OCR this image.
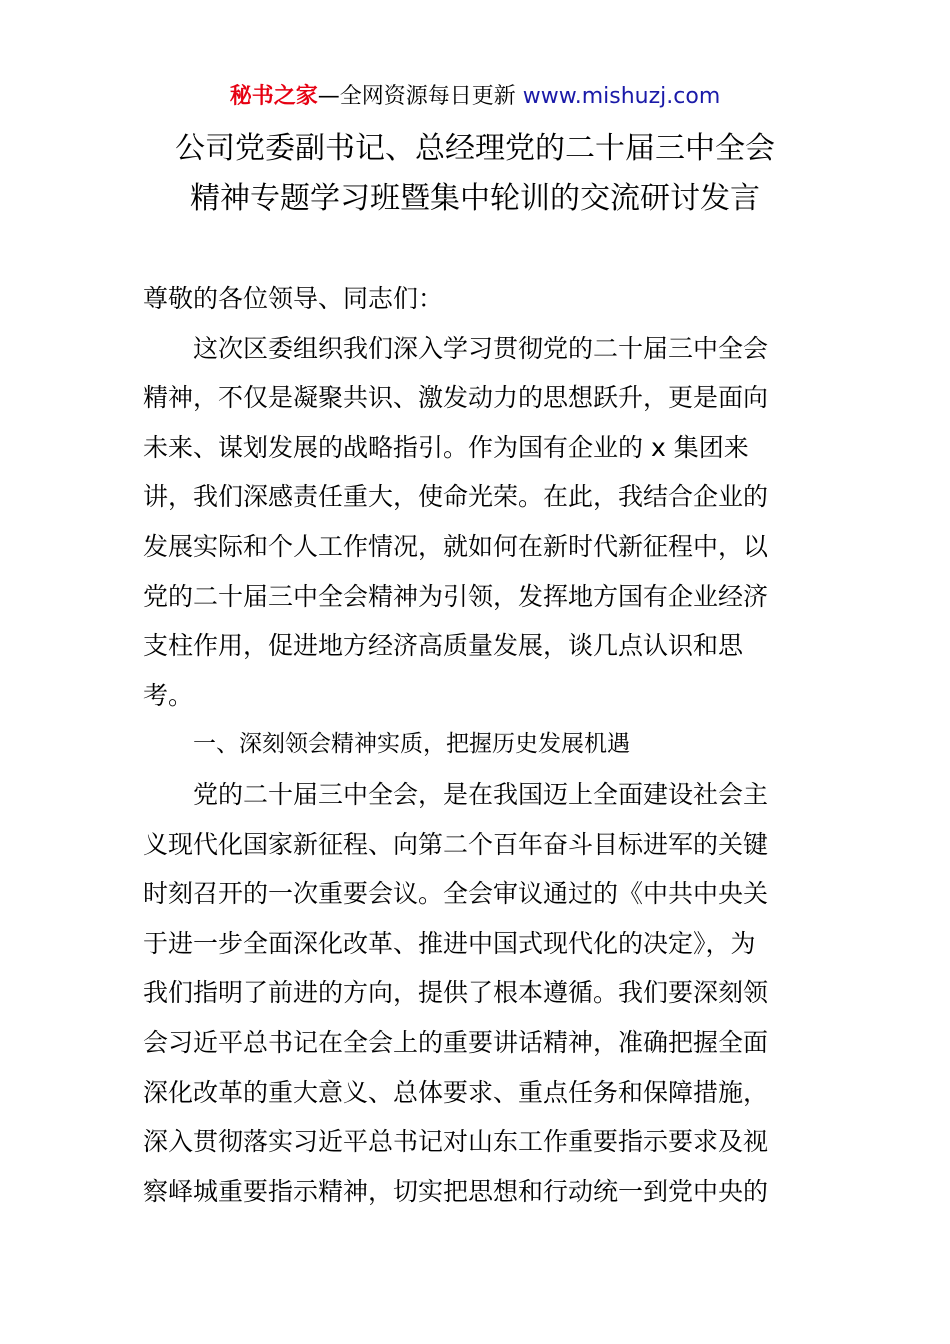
秘书之家—全网资源每日更新 www.mishuzj.com
公司党委副书记、总经理党的二十届三中全会
精神专题学习班暨集中轮训的交流研讨发言
尊敬的各位领导、同志们：
这次区委组织我们深入学习贯彻党的二十届三中全会
精神，不仅是凝聚共识、激发动力的思想跃升，更是面向
未来、谋划发展的战略指引。作为国有企业的 x 集团来
讲，我们深感责任重大，使命光荣。在此，我结合企业的
发展实际和个人工作情况，就如何在新时代新征程中，以
党的二十届三中全会精神为引领，发挥地方国有企业经济
支柱作用，促进地方经济高质量发展，谈几点认识和思
考。
一、深刻领会精神实质，把握历史发展机遇
党的二十届三中全会，是在我国迈上全面建设社会主
义现代化国家新征程、向第二个百年奋斗目标进军的关键
时刻召开的一次重要会议。全会审议通过的《中共中央关
于进一步全面深化改革、推进中国式现代化的决定》，为
我们指明了前进的方向，提供了根本遵循。我们要深刻领
会习近平总书记在全会上的重要讲话精神，准确把握全面
深化改革的重大意义、总体要求、重点任务和保障措施，
深入贯彻落实习近平总书记对山东工作重要指示要求及视
察峄城重要指示精神，切实把思想和行动统一到党中央的
